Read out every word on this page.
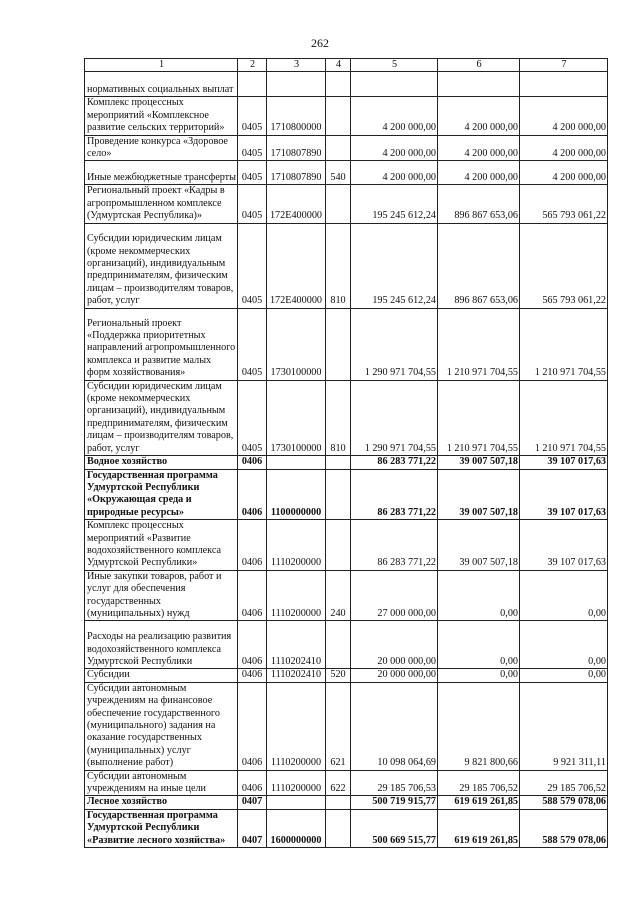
262
1	2	3	4	5	6	7
нормативных социальных выплат						
Комплекс процессных мероприятий «Комплексное развитие сельских территорий»	0405	1710800000		4 200 000,00	4 200 000,00	4 200 000,00
Проведение конкурса «Здоровое село»	0405	1710807890		4 200 000,00	4 200 000,00	4 200 000,00
Иные межбюджетные трансферты	0405	1710807890	540	4 200 000,00	4 200 000,00	4 200 000,00
Региональный проект «Кадры в агропромышленном комплексе (Удмуртская Республика)»	0405	172E400000		195 245 612,24	896 867 653,06	565 793 061,22
Субсидии юридическим лицам (кроме некоммерческих организаций), индивидуальным предпринимателям, физическим лицам – производителям товаров, работ, услуг	0405	172E400000	810	195 245 612,24	896 867 653,06	565 793 061,22
Региональный проект «Поддержка приоритетных направлений агропромышленного комплекса и развитие малых форм хозяйствования»	0405	1730100000		1 290 971 704,55	1 210 971 704,55	1 210 971 704,55
Субсидии юридическим лицам (кроме некоммерческих организаций), индивидуальным предпринимателям, физическим лицам – производителям товаров, работ, услуг	0405	1730100000	810	1 290 971 704,55	1 210 971 704,55	1 210 971 704,55
Водное хозяйство	0406			86 283 771,22	39 007 507,18	39 107 017,63
Государственная программа Удмуртской Республики «Окружающая среда и природные ресурсы»	0406	1100000000		86 283 771,22	39 007 507,18	39 107 017,63
Комплекс процессных мероприятий «Развитие водохозяйственного комплекса Удмуртской Республики»	0406	1110200000		86 283 771,22	39 007 507,18	39 107 017,63
Иные закупки товаров, работ и услуг для обеспечения государственных (муниципальных) нужд	0406	1110200000	240	27 000 000,00	0,00	0,00
Расходы на реализацию развития водохозяйственного комплекса Удмуртской Республики	0406	1110202410		20 000 000,00	0,00	0,00
Субсидии	0406	1110202410	520	20 000 000,00	0,00	0,00
Субсидии автономным учреждениям на финансовое обеспечение государственного (муниципального) задания на оказание государственных (муниципальных) услуг (выполнение работ)	0406	1110200000	621	10 098 064,69	9 821 800,66	9 921 311,11
Субсидии автономным учреждениям на иные цели	0406	1110200000	622	29 185 706,53	29 185 706,52	29 185 706,52
Лесное хозяйство	0407			500 719 915,77	619 619 261,85	588 579 078,06
Государственная программа Удмуртской Республики «Развитие лесного хозяйства»	0407	1600000000		500 669 515,77	619 619 261,85	588 579 078,06
